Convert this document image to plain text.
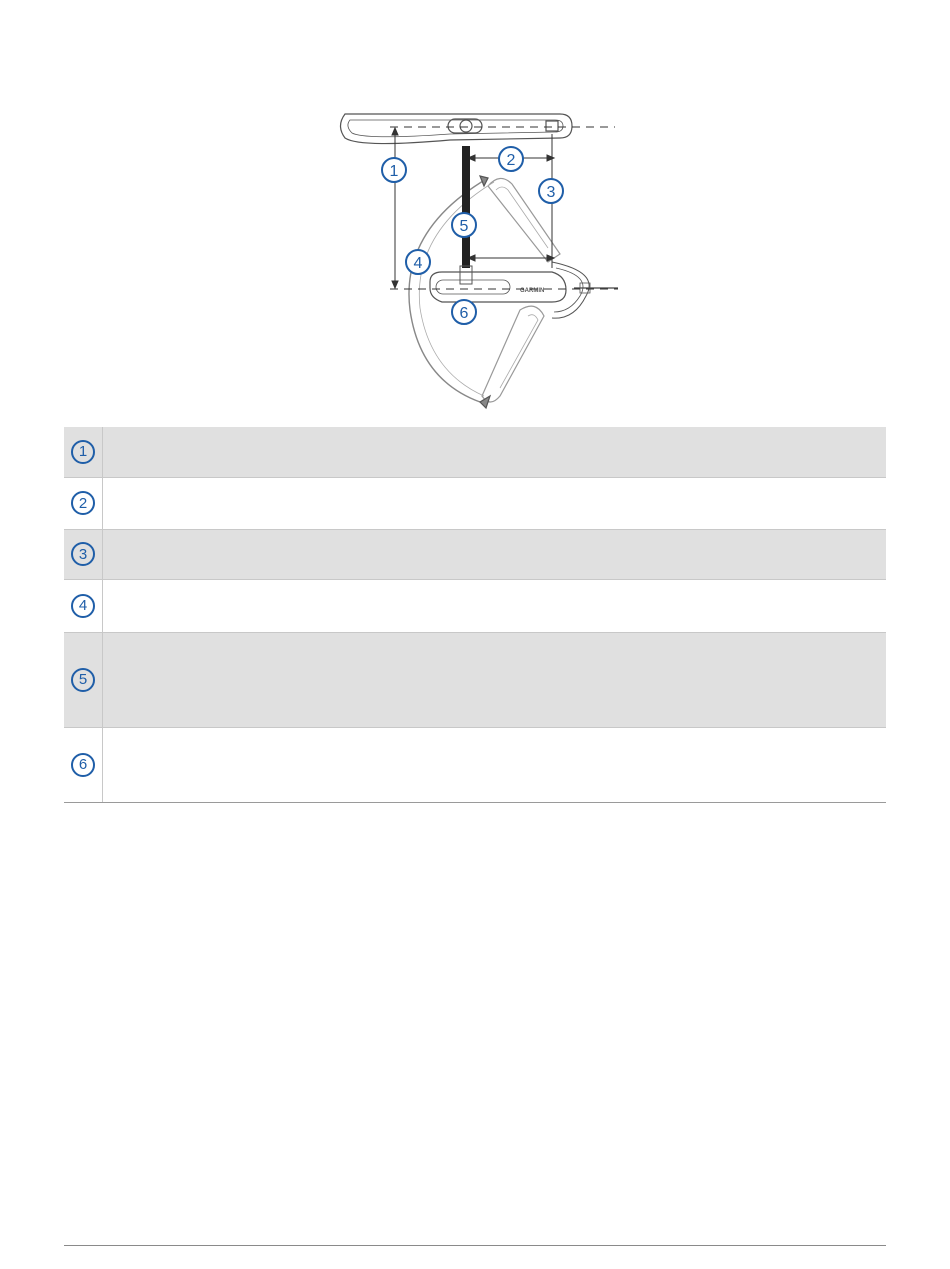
GARMIN
1
2
3
4
5
6
1	
2	
3	
4	
5	
6	
